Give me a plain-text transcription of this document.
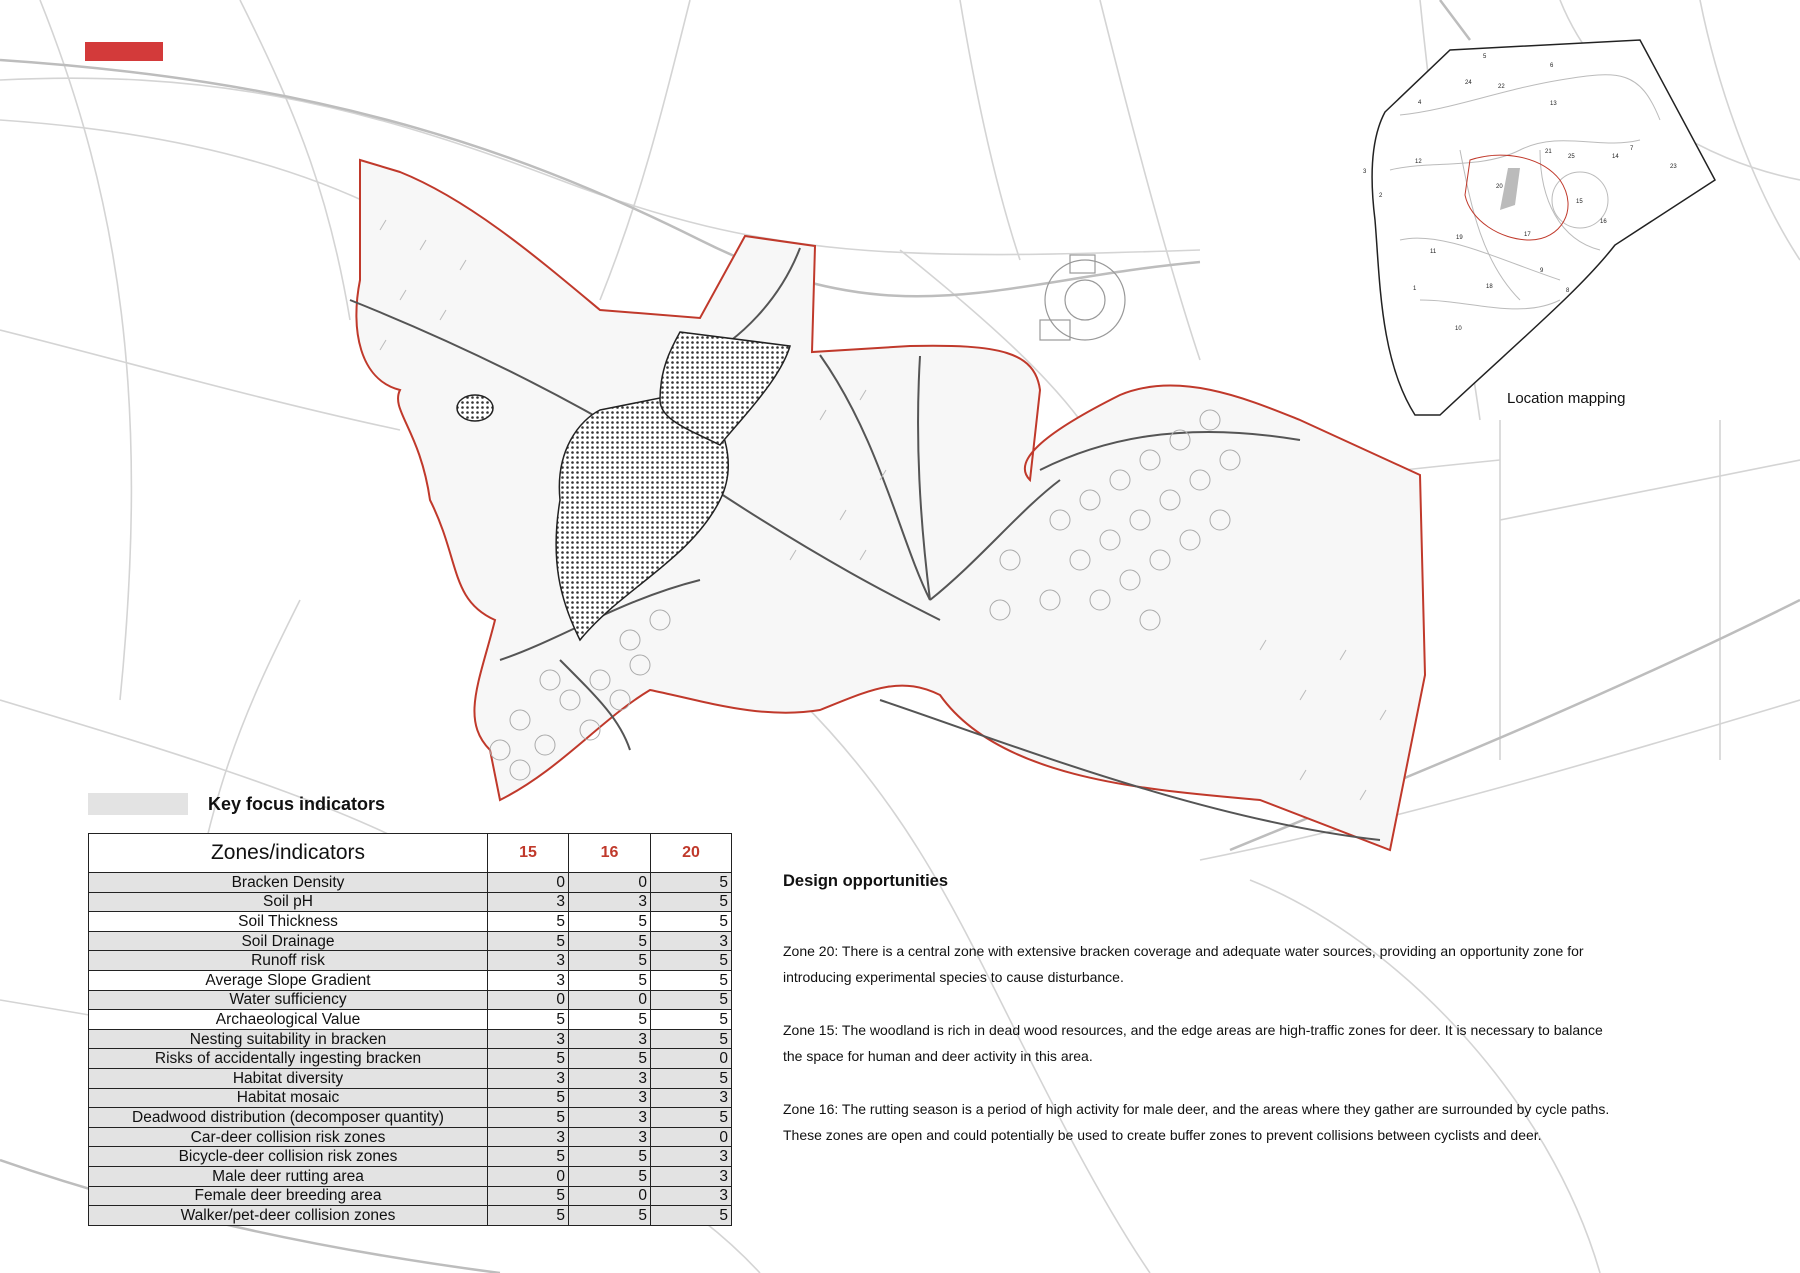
5
6
24
22
4	13
3
12
21
25	14
7
23
2
20
15
16
17
19
11
9
1	18
8
10
Location mapping
Key focus indicators
Zones/indicators	15	16	20
Bracken Density	0	0	5
Soil pH	3	3	5
Soil Thickness	5	5	5
Soil Drainage	5	5	3
Runoff risk	3	5	5
Average Slope Gradient	3	5	5
Water sufficiency	0	0	5
Archaeological Value	5	5	5
Nesting suitability in bracken	3	3	5
Risks of accidentally ingesting bracken	5	5	0
Habitat diversity	3	3	5
Habitat mosaic	5	3	3
Deadwood distribution (decomposer quantity)	5	3	5
Car-deer collision risk zones	3	3	0
Bicycle-deer collision risk zones	5	5	3
Male deer rutting area	0	5	3
Female deer breeding area	5	0	3
Walker/pet-deer collision zones	5	5	5
Design opportunities

Zone 20: There is a central zone with extensive bracken coverage and adequate water sources, providing an opportunity zone for introducing experimental species to cause disturbance.

Zone 15: The woodland is rich in dead wood resources, and the edge areas are high-traffic zones for deer. It is necessary to balance the space for human and deer activity in this area.

Zone 16: The rutting season is a period of high activity for male deer, and the areas where they gather are surrounded by cycle paths. These zones are open and could potentially be used to create buffer zones to prevent collisions between cyclists and deer.
